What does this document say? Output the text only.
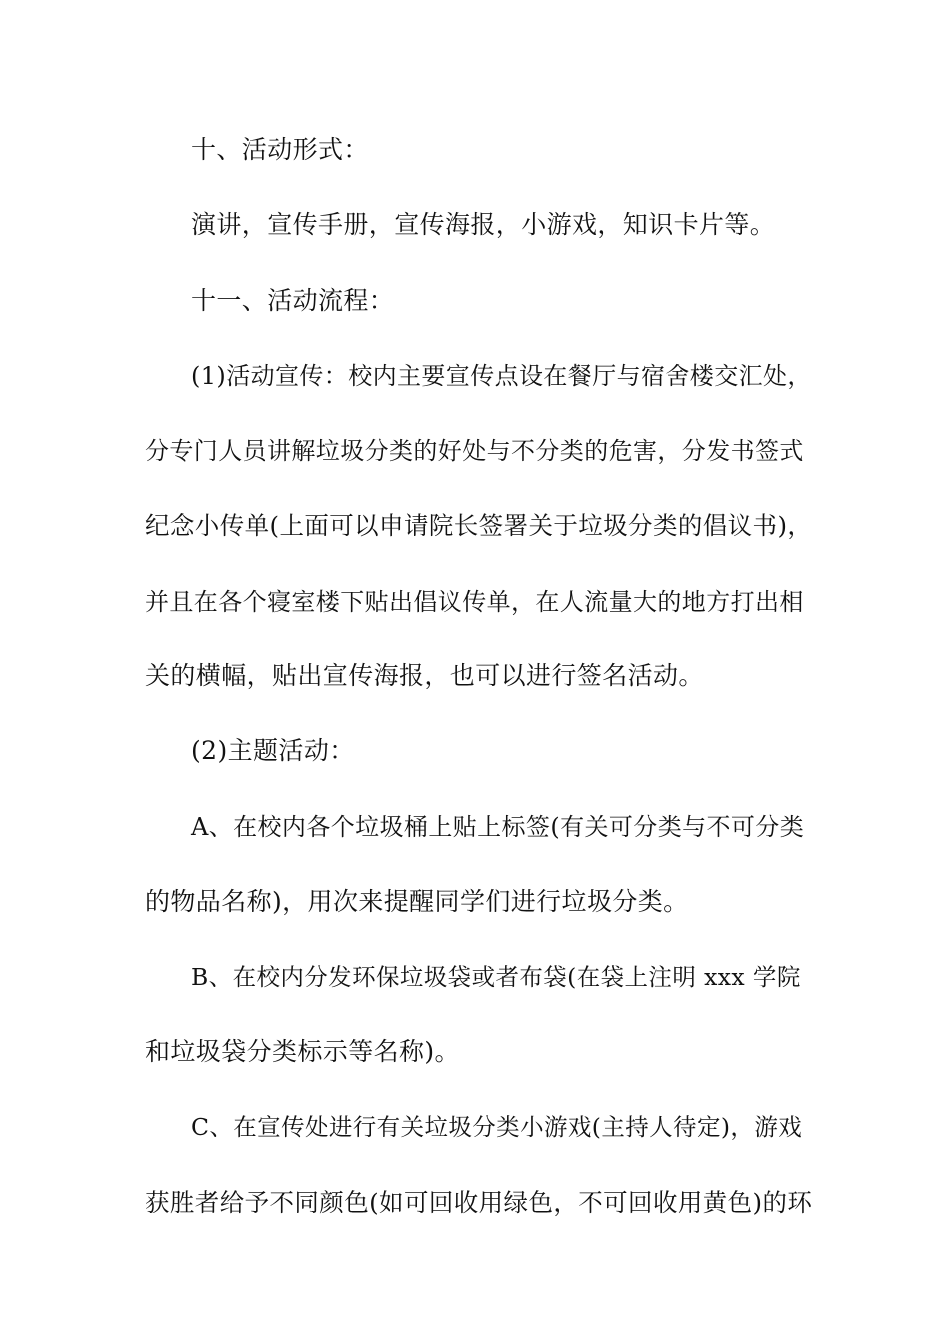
十、活动形式：
演讲，宣传手册，宣传海报，小游戏，知识卡片等。
十一、活动流程：
(1)活动宣传：校内主要宣传点设在餐厅与宿舍楼交汇处，
分专门人员讲解垃圾分类的好处与不分类的危害，分发书签式
纪念小传单(上面可以申请院长签署关于垃圾分类的倡议书)，
并且在各个寝室楼下贴出倡议传单，在人流量大的地方打出相
关的横幅，贴出宣传海报，也可以进行签名活动。
(2)主题活动：
A、在校内各个垃圾桶上贴上标签(有关可分类与不可分类
的物品名称)，用次来提醒同学们进行垃圾分类。
B、在校内分发环保垃圾袋或者布袋(在袋上注明 xxx 学院
和垃圾袋分类标示等名称)。
C、在宣传处进行有关垃圾分类小游戏(主持人待定)，游戏
获胜者给予不同颜色(如可回收用绿色，不可回收用黄色)的环
